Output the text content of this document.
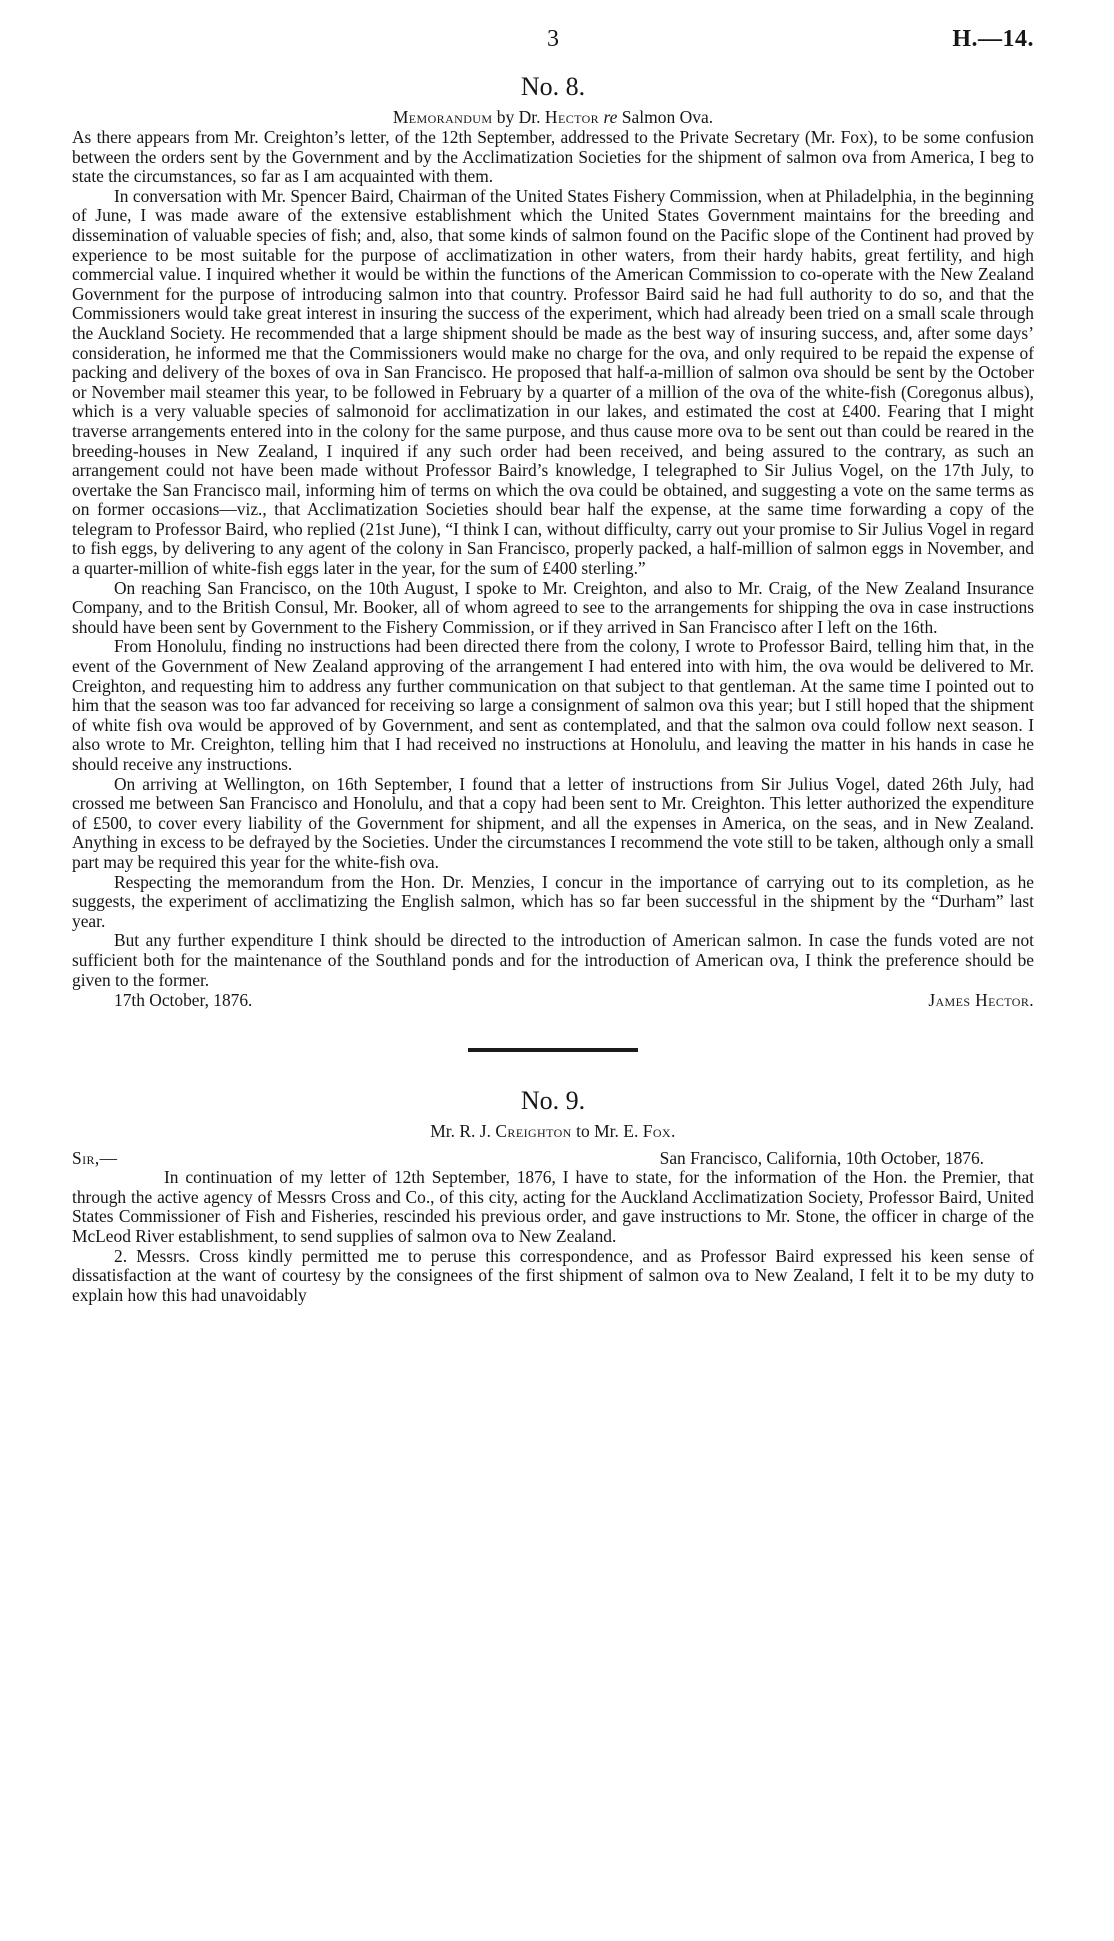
3	H.—14.
No. 8.
Memorandum by Dr. Hector re Salmon Ova.

As there appears from Mr. Creighton’s letter, of the 12th September, addressed to the Private Secretary (Mr. Fox), to be some confusion between the orders sent by the Government and by the Acclimatization Societies for the shipment of salmon ova from America, I beg to state the circumstances, so far as I am acquainted with them.

In conversation with Mr. Spencer Baird, Chairman of the United States Fishery Commission, when at Philadelphia, in the beginning of June, I was made aware of the extensive establishment which the United States Government maintains for the breeding and dissemination of valuable species of fish; and, also, that some kinds of salmon found on the Pacific slope of the Continent had proved by experience to be most suitable for the purpose of acclimatization in other waters, from their hardy habits, great fertility, and high commercial value. I inquired whether it would be within the functions of the American Commission to co-operate with the New Zealand Government for the purpose of introducing salmon into that country. Professor Baird said he had full authority to do so, and that the Commissioners would take great interest in insuring the success of the experiment, which had already been tried on a small scale through the Auckland Society. He recommended that a large shipment should be made as the best way of insuring success, and, after some days’ consideration, he informed me that the Commissioners would make no charge for the ova, and only required to be repaid the expense of packing and delivery of the boxes of ova in San Francisco. He proposed that half-a-million of salmon ova should be sent by the October or November mail steamer this year, to be followed in February by a quarter of a million of the ova of the white-fish (Coregonus albus), which is a very valuable species of salmonoid for acclimatization in our lakes, and estimated the cost at £400. Fearing that I might traverse arrangements entered into in the colony for the same purpose, and thus cause more ova to be sent out than could be reared in the breeding-houses in New Zealand, I inquired if any such order had been received, and being assured to the contrary, as such an arrangement could not have been made without Professor Baird’s knowledge, I telegraphed to Sir Julius Vogel, on the 17th July, to overtake the San Francisco mail, informing him of terms on which the ova could be obtained, and suggesting a vote on the same terms as on former occasions—viz., that Acclimatization Societies should bear half the expense, at the same time forwarding a copy of the telegram to Professor Baird, who replied (21st June), “I think I can, without difficulty, carry out your promise to Sir Julius Vogel in regard to fish eggs, by delivering to any agent of the colony in San Francisco, properly packed, a half-million of salmon eggs in November, and a quarter-million of white-fish eggs later in the year, for the sum of £400 sterling.”

On reaching San Francisco, on the 10th August, I spoke to Mr. Creighton, and also to Mr. Craig, of the New Zealand Insurance Company, and to the British Consul, Mr. Booker, all of whom agreed to see to the arrangements for shipping the ova in case instructions should have been sent by Government to the Fishery Commission, or if they arrived in San Francisco after I left on the 16th.

From Honolulu, finding no instructions had been directed there from the colony, I wrote to Professor Baird, telling him that, in the event of the Government of New Zealand approving of the arrangement I had entered into with him, the ova would be delivered to Mr. Creighton, and requesting him to address any further communication on that subject to that gentleman. At the same time I pointed out to him that the season was too far advanced for receiving so large a consignment of salmon ova this year; but I still hoped that the shipment of white fish ova would be approved of by Government, and sent as contemplated, and that the salmon ova could follow next season. I also wrote to Mr. Creighton, telling him that I had received no instructions at Honolulu, and leaving the matter in his hands in case he should receive any instructions.

On arriving at Wellington, on 16th September, I found that a letter of instructions from Sir Julius Vogel, dated 26th July, had crossed me between San Francisco and Honolulu, and that a copy had been sent to Mr. Creighton. This letter authorized the expenditure of £500, to cover every liability of the Government for shipment, and all the expenses in America, on the seas, and in New Zealand. Anything in excess to be defrayed by the Societies. Under the circumstances I recommend the vote still to be taken, although only a small part may be required this year for the white-fish ova.

Respecting the memorandum from the Hon. Dr. Menzies, I concur in the importance of carrying out to its completion, as he suggests, the experiment of acclimatizing the English salmon, which has so far been successful in the shipment by the “Durham” last year.

But any further expenditure I think should be directed to the introduction of American salmon. In case the funds voted are not sufficient both for the maintenance of the Southland ponds and for the introduction of American ova, I think the preference should be given to the former.

17th October, 1876.	James Hector.
No. 9.
Mr. R. J. Creighton to Mr. E. Fox.
Sir,—	San Francisco, California, 10th October, 1876.

In continuation of my letter of 12th September, 1876, I have to state, for the information of the Hon. the Premier, that through the active agency of Messrs Cross and Co., of this city, acting for the Auckland Acclimatization Society, Professor Baird, United States Commissioner of Fish and Fisheries, rescinded his previous order, and gave instructions to Mr. Stone, the officer in charge of the McLeod River establishment, to send supplies of salmon ova to New Zealand.

2. Messrs. Cross kindly permitted me to peruse this correspondence, and as Professor Baird expressed his keen sense of dissatisfaction at the want of courtesy by the consignees of the first shipment of salmon ova to New Zealand, I felt it to be my duty to explain how this had unavoidably
